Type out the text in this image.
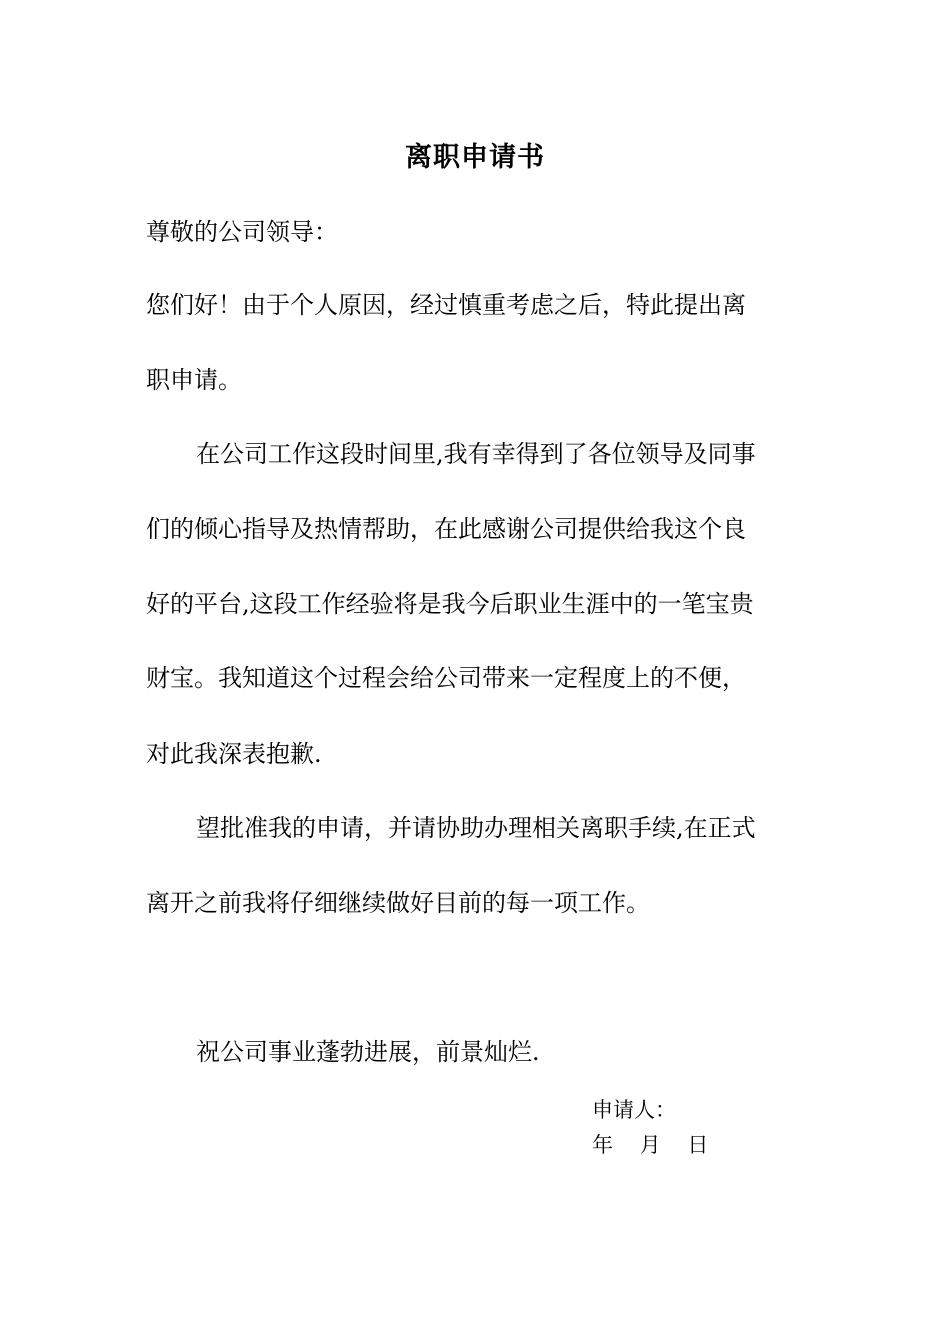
离职申请书
尊敬的公司领导：
您们好！由于个人原因，经过慎重考虑之后，特此提出离
职申请。
在公司工作这段时间里,我有幸得到了各位领导及同事
们的倾心指导及热情帮助，在此感谢公司提供给我这个良
好的平台,这段工作经验将是我今后职业生涯中的一笔宝贵
财宝。我知道这个过程会给公司带来一定程度上的不便，
对此我深表抱歉.
望批准我的申请，并请协助办理相关离职手续,在正式
离开之前我将仔细继续做好目前的每一项工作。
祝公司事业蓬勃进展，前景灿烂.
申请人：
年    月    日
